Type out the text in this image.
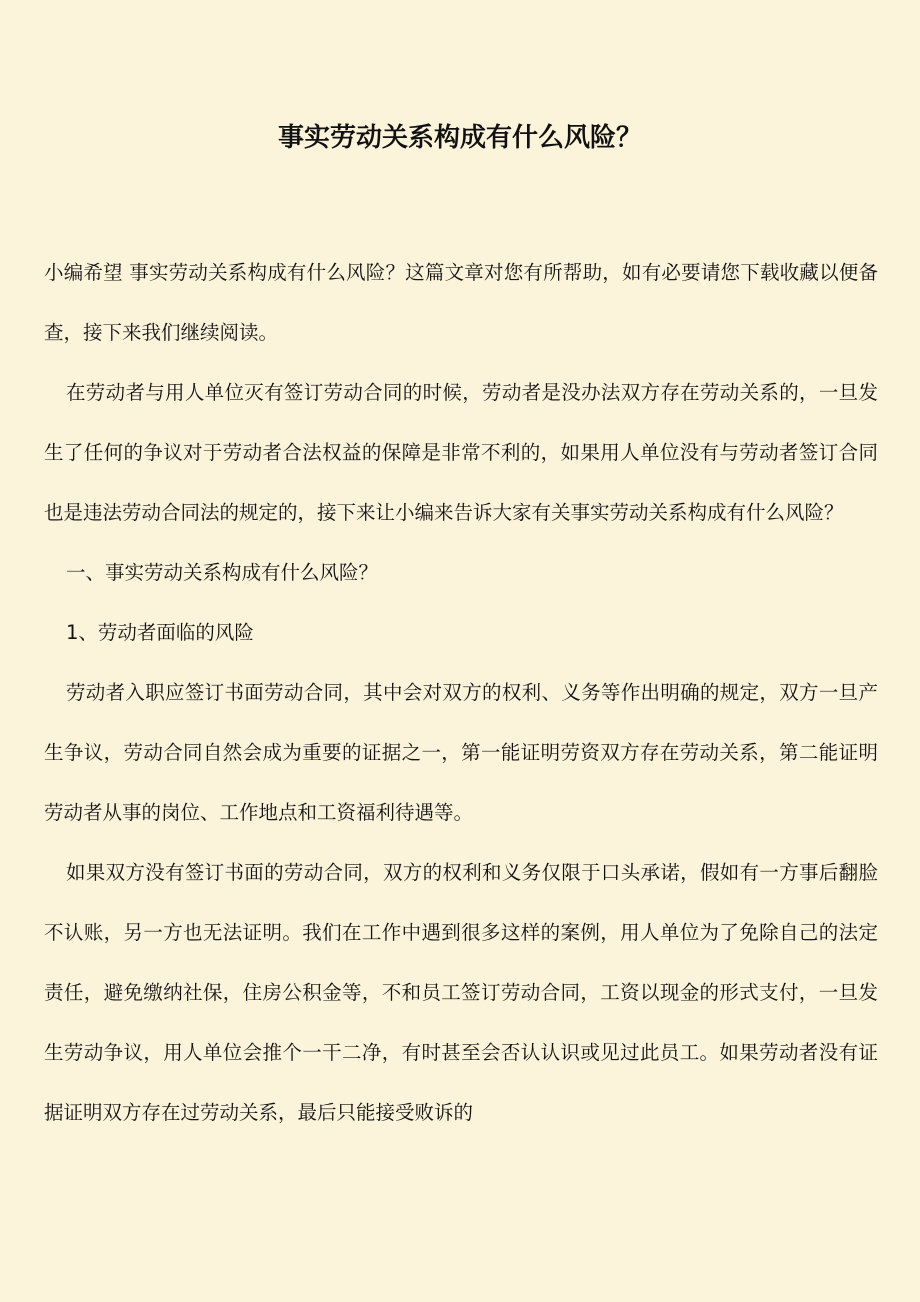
事实劳动关系构成有什么风险？

小编希望 事实劳动关系构成有什么风险？这篇文章对您有所帮助，如有必要请您下载收藏以便备查，接下来我们继续阅读。

在劳动者与用人单位灭有签订劳动合同的时候，劳动者是没办法双方存在劳动关系的，一旦发生了任何的争议对于劳动者合法权益的保障是非常不利的，如果用人单位没有与劳动者签订合同也是违法劳动合同法的规定的，接下来让小编来告诉大家有关事实劳动关系构成有什么风险？

一、事实劳动关系构成有什么风险？

1、劳动者面临的风险

劳动者入职应签订书面劳动合同，其中会对双方的权利、义务等作出明确的规定，双方一旦产生争议，劳动合同自然会成为重要的证据之一，第一能证明劳资双方存在劳动关系，第二能证明劳动者从事的岗位、工作地点和工资福利待遇等。

如果双方没有签订书面的劳动合同，双方的权利和义务仅限于口头承诺，假如有一方事后翻脸不认账，另一方也无法证明。我们在工作中遇到很多这样的案例，用人单位为了免除自己的法定责任，避免缴纳社保，住房公积金等，不和员工签订劳动合同，工资以现金的形式支付，一旦发生劳动争议，用人单位会推个一干二净，有时甚至会否认认识或见过此员工。如果劳动者没有证据证明双方存在过劳动关系，最后只能接受败诉的
